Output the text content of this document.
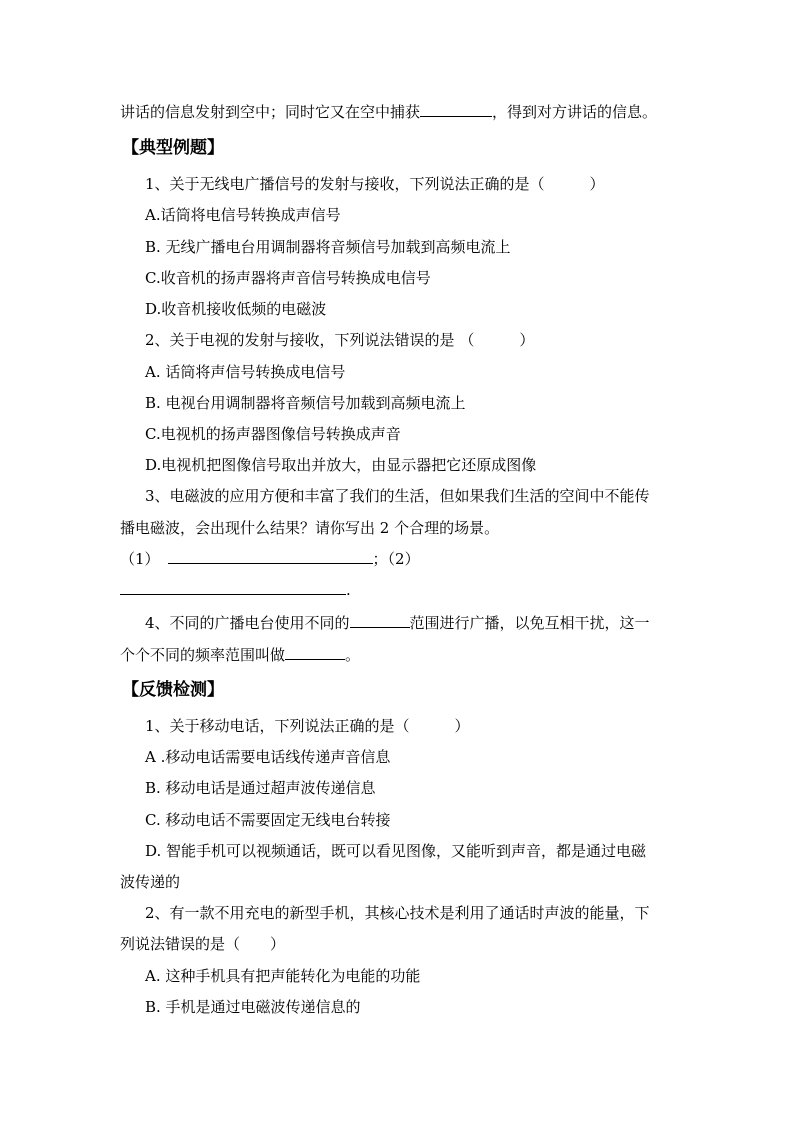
讲话的信息发射到空中；同时它又在空中捕获	，得到对方讲话的信息。
【典型例题】
1、关于无线电广播信号的发射与接收，下列说法正确的是（　　　）
A.话筒将电信号转换成声信号
B. 无线广播电台用调制器将音频信号加载到高频电流上
C.收音机的扬声器将声音信号转换成电信号
D.收音机接收低频的电磁波
2、关于电视的发射与接收，下列说法错误的是 （　　　）
A. 话筒将声信号转换成电信号
B. 电视台用调制器将音频信号加载到高频电流上
C.电视机的扬声器图像信号转换成声音
D.电视机把图像信号取出并放大，由显示器把它还原成图像
3、电磁波的应用方便和丰富了我们的生活，但如果我们生活的空间中不能传
播电磁波，会出现什么结果？请你写出 2 个合理的场景。
（1）	；（2）
.
4、不同的广播电台使用不同的	范围进行广播，以免互相干扰，这一
个个不同的频率范围叫做	。
【反馈检测】
1、关于移动电话，下列说法正确的是（　　　）
A .移动电话需要电话线传递声音信息
B. 移动电话是通过超声波传递信息
C. 移动电话不需要固定无线电台转接
D. 智能手机可以视频通话，既可以看见图像，又能听到声音，都是通过电磁
波传递的
2、有一款不用充电的新型手机，其核心技术是利用了通话时声波的能量，下
列说法错误的是（　　）
A. 这种手机具有把声能转化为电能的功能
B. 手机是通过电磁波传递信息的
